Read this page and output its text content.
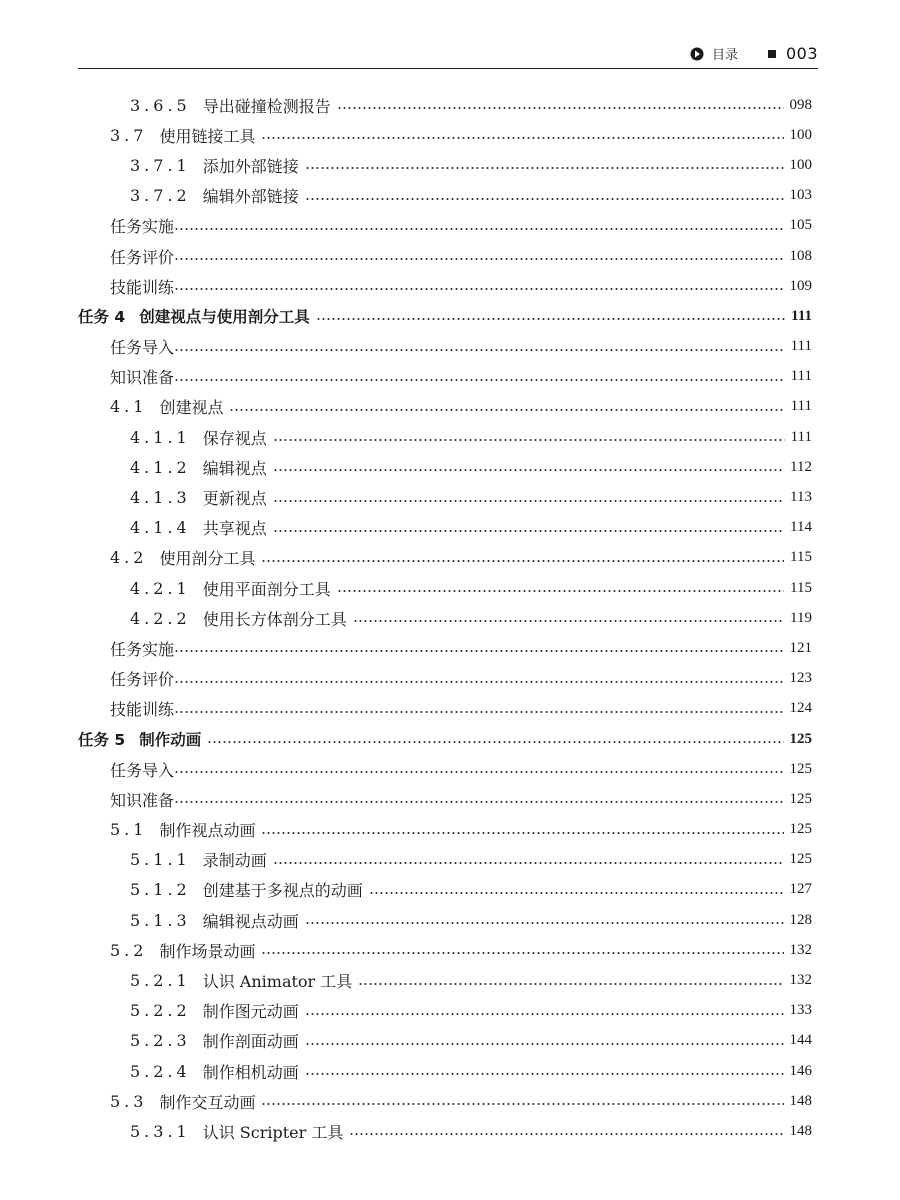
目录	003
3.6.5 导出碰撞检测报告	098
3.7 使用链接工具	100
3.7.1 添加外部链接	100
3.7.2 编辑外部链接	103
任务实施	105
任务评价	108
技能训练	109
任务 4 创建视点与使用剖分工具	111
任务导入	111
知识准备	111
4.1 创建视点	111
4.1.1 保存视点	111
4.1.2 编辑视点	112
4.1.3 更新视点	113
4.1.4 共享视点	114
4.2 使用剖分工具	115
4.2.1 使用平面剖分工具	115
4.2.2 使用长方体剖分工具	119
任务实施	121
任务评价	123
技能训练	124
任务 5 制作动画	125
任务导入	125
知识准备	125
5.1 制作视点动画	125
5.1.1 录制动画	125
5.1.2 创建基于多视点的动画	127
5.1.3 编辑视点动画	128
5.2 制作场景动画	132
5.2.1 认识 Animator 工具	132
5.2.2 制作图元动画	133
5.2.3 制作剖面动画	144
5.2.4 制作相机动画	146
5.3 制作交互动画	148
5.3.1 认识 Scripter 工具	148
